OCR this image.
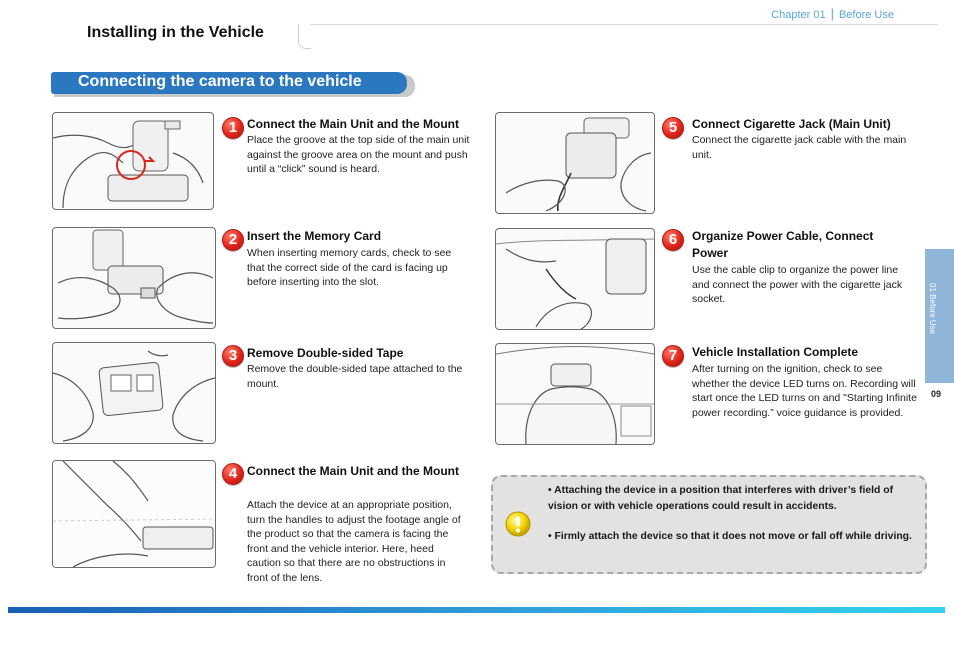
Chapter 01 | Before Use
Installing in the Vehicle
Connecting the camera to the vehicle
1 Connect the Main Unit and the Mount
Place the groove at the top side of the main unit against the groove area on the mount and push until a “click” sound is heard.
2 Insert the Memory Card
When inserting memory cards, check to see that the correct side of the card is facing up before inserting into the slot.
3 Remove Double-sided Tape
Remove the double-sided tape attached to the mount.
4 Connect the Main Unit and the Mount
Attach the device at an appropriate position, turn the handles to adjust the footage angle of the product so that the camera is facing the front and the vehicle interior. Here, heed caution so that there are no obstructions in front of the lens.
5	Connect Cigarette Jack (Main Unit)
Connect the cigarette jack cable with the main unit.
6	Organize Power Cable, Connect Power
Use the cable clip to organize the power line and connect the power with the cigarette jack socket.
7	Vehicle Installation Complete
After turning on the ignition, check to see whether the device LED turns on. Recording will start once the LED turns on and "Starting Infinite power recording.” voice guidance is provided.
01 Before Use
09
• Attaching the device in a position that interferes with driver’s field of vision or with vehicle operations could result in accidents.
• Firmly attach the device so that it does not move or fall off while driving.
